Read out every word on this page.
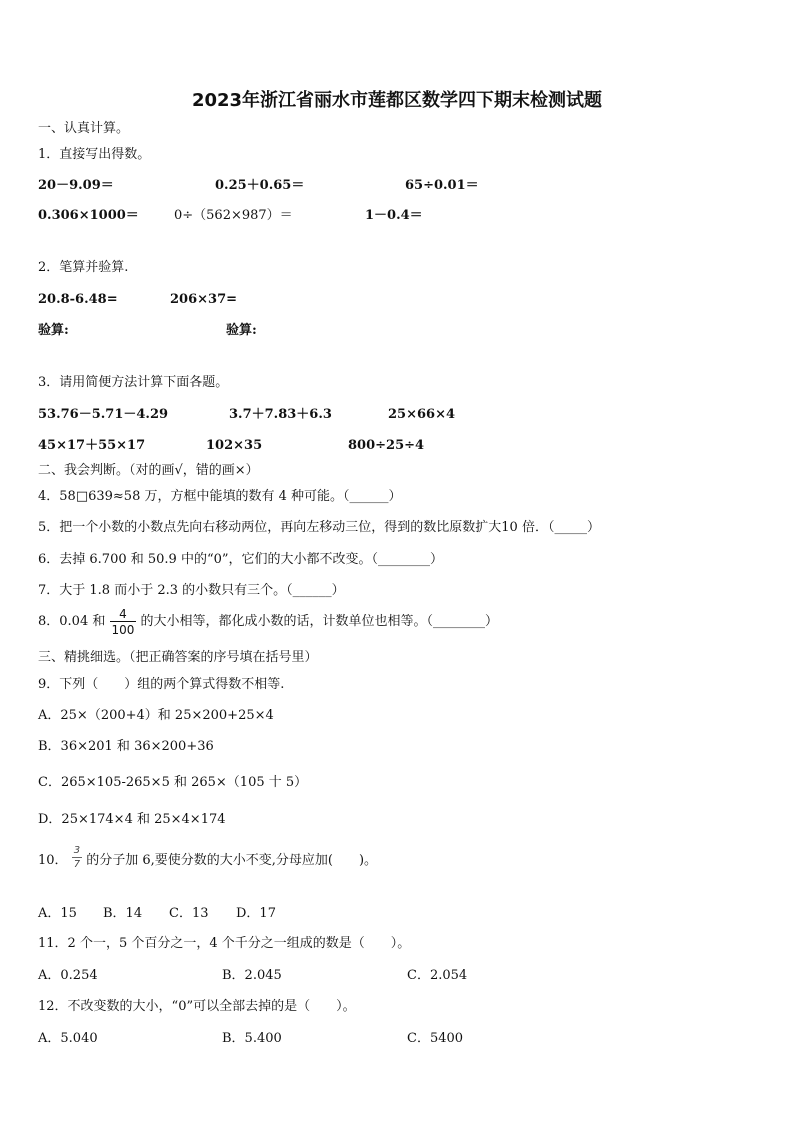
2023年浙江省丽水市莲都区数学四下期末检测试题
一、认真计算。
1．直接写出得数。
20－9.09＝	0.25＋0.65＝	65÷0.01＝
0.306×1000＝	0÷（562×987）＝	1－0.4＝
2．笔算并验算.
20.8-6.48=	206×37=
验算:	验算:
3．请用简便方法计算下面各题。
53.76－5.71－4.29	3.7＋7.83＋6.3	25×66×4
45×17＋55×17	102×35	800÷25÷4
二、我会判断。（对的画√，错的画×）
4．58□639≈58 万，方框中能填的数有 4 种可能。（______）
5．把一个小数的小数点先向右移动两位，再向左移动三位，得到的数比原数扩大10 倍．（_____）
6．去掉 6.700 和 50.9 中的“0”，它们的大小都不改变。（________）
7．大于 1.8 而小于 2.3 的小数只有三个。（______）
8．0.04 和 $\frac{4}{100}$ 的大小相等，都化成小数的话，计数单位也相等。（________）
三、精挑细选。（把正确答案的序号填在括号里）
9．下列（　　）组的两个算式得数不相等.
A．25×（200+4）和 25×200+25×4
B．36×201 和 36×200+36
C．265×105-265×5 和 265×（105 十 5）
D．25×174×4 和 25×4×174
10． $\frac{3}{7}$ 的分子加 6,要使分数的大小不变,分母应加(　　)。
A．15 B．14 C．13 D．17
11．2 个一，5 个百分之一，4 个千分之一组成的数是（　　）。
A．0.254	B．2.045	C．2.054
12．不改变数的大小，“0”可以全部去掉的是（　　）。
A．5.040	B．5.400	C．5400
